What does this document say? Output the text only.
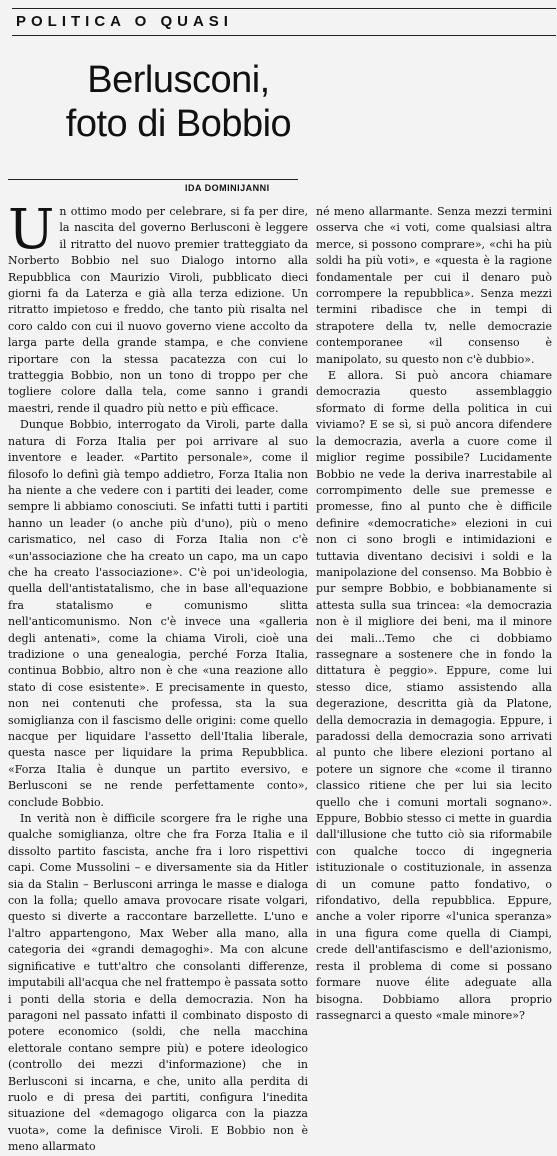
POLITICA O QUASI
Berlusconi,
foto di Bobbio
IDA DOMINIJANNI

Un ottimo modo per celebrare, si fa per dire, la nascita del governo Berlusconi è leggere il ritratto del nuovo premier tratteggiato da Norberto Bobbio nel suo Dialogo intorno alla Repubblica con Maurizio Viroli, pubblicato dieci giorni fa da Laterza e già alla terza edizione. Un ritratto impietoso e freddo, che tanto più risalta nel coro caldo con cui il nuovo governo viene accolto da larga parte della grande stampa, e che conviene riportare con la stessa pacatezza con cui lo tratteggia Bobbio, non un tono di troppo per che togliere colore dalla tela, come sanno i grandi maestri, rende il quadro più netto e più efficace.

Dunque Bobbio, interrogato da Viroli, parte dalla natura di Forza Italia per poi arrivare al suo inventore e leader. «Partito personale», come il filosofo lo definì già tempo addietro, Forza Italia non ha niente a che vedere con i partiti dei leader, come sempre li abbiamo conosciuti. Se infatti tutti i partiti hanno un leader (o anche più d'uno), più o meno carismatico, nel caso di Forza Italia non c'è «un'associazione che ha creato un capo, ma un capo che ha creato l'associazione». C'è poi un'ideologia, quella dell'antistatalismo, che in base all'equazione fra statalismo e comunismo slitta nell'anticomunismo. Non c'è invece una «galleria degli antenati», come la chiama Viroli, cioè una tradizione o una genealogia, perché Forza Italia, continua Bobbio, altro non è che «una reazione allo stato di cose esistente». E precisamente in questo, non nei contenuti che professa, sta la sua somiglianza con il fascismo delle origini: come quello nacque per liquidare l'assetto dell'Italia liberale, questa nasce per liquidare la prima Repubblica. «Forza Italia è dunque un partito eversivo, e Berlusconi se ne rende perfettamente conto», conclude Bobbio.

In verità non è difficile scorgere fra le righe una qualche somiglianza, oltre che fra Forza Italia e il dissolto partito fascista, anche fra i loro rispettivi capi. Come Mussolini – e diversamente sia da Hitler sia da Stalin – Berlusconi arringa le masse e dialoga con la folla; quello amava provocare risate volgari, questo si diverte a raccontare barzellette. L'uno e l'altro appartengono, Max Weber alla mano, alla categoria dei «grandi demagoghi». Ma con alcune significative e tutt'altro che consolanti differenze, imputabili all'acqua che nel frattempo è passata sotto i ponti della storia e della democrazia. Non ha paragoni nel passato infatti il combinato disposto di potere economico (soldi, che nella macchina elettorale contano sempre più) e potere ideologico (controllo dei mezzi d'informazione) che in Berlusconi si incarna, e che, unito alla perdita di ruolo e di presa dei partiti, configura l'inedita situazione del «demagogo oligarca con la piazza vuota», come la definisce Viroli. E Bobbio non è meno allarmato

né meno allarmante. Senza mezzi termini osserva che «i voti, come qualsiasi altra merce, si possono comprare», «chi ha più soldi ha più voti», e «questa è la ragione fondamentale per cui il denaro può corrompere la repubblica». Senza mezzi termini ribadisce che in tempi di strapotere della tv, nelle democrazie contemporanee «il consenso è manipolato, su questo non c'è dubbio».

E allora. Si può ancora chiamare democrazia questo assemblaggio sformato di forme della politica in cui viviamo? E se sì, si può ancora difendere la democrazia, averla a cuore come il miglior regime possibile? Lucidamente Bobbio ne vede la deriva inarrestabile al corrompimento delle sue premesse e promesse, fino al punto che è difficile definire «democratiche» elezioni in cui non ci sono brogli e intimidazioni e tuttavia diventano decisivi i soldi e la manipolazione del consenso. Ma Bobbio è pur sempre Bobbio, e bobbianamente si attesta sulla sua trincea: «la democrazia non è il migliore dei beni, ma il minore dei mali...Temo che ci dobbiamo rassegnare a sostenere che in fondo la dittatura è peggio». Eppure, come lui stesso dice, stiamo assistendo alla degerazione, descritta già da Platone, della democrazia in demagogia. Eppure, i paradossi della democrazia sono arrivati al punto che libere elezioni portano al potere un signore che «come il tiranno classico ritiene che per lui sia lecito quello che i comuni mortali sognano». Eppure, Bobbio stesso ci mette in guardia dall'illusione che tutto ciò sia riformabile con qualche tocco di ingegneria istituzionale o costituzionale, in assenza di un comune patto fondativo, o rifondativo, della repubblica. Eppure, anche a voler riporre «l'unica speranza» in una figura come quella di Ciampi, crede dell'antifascismo e dell'azionismo, resta il problema di come si possano formare nuove élite adeguate alla bisogna. Dobbiamo allora proprio rassegnarci a questo «male minore»?
